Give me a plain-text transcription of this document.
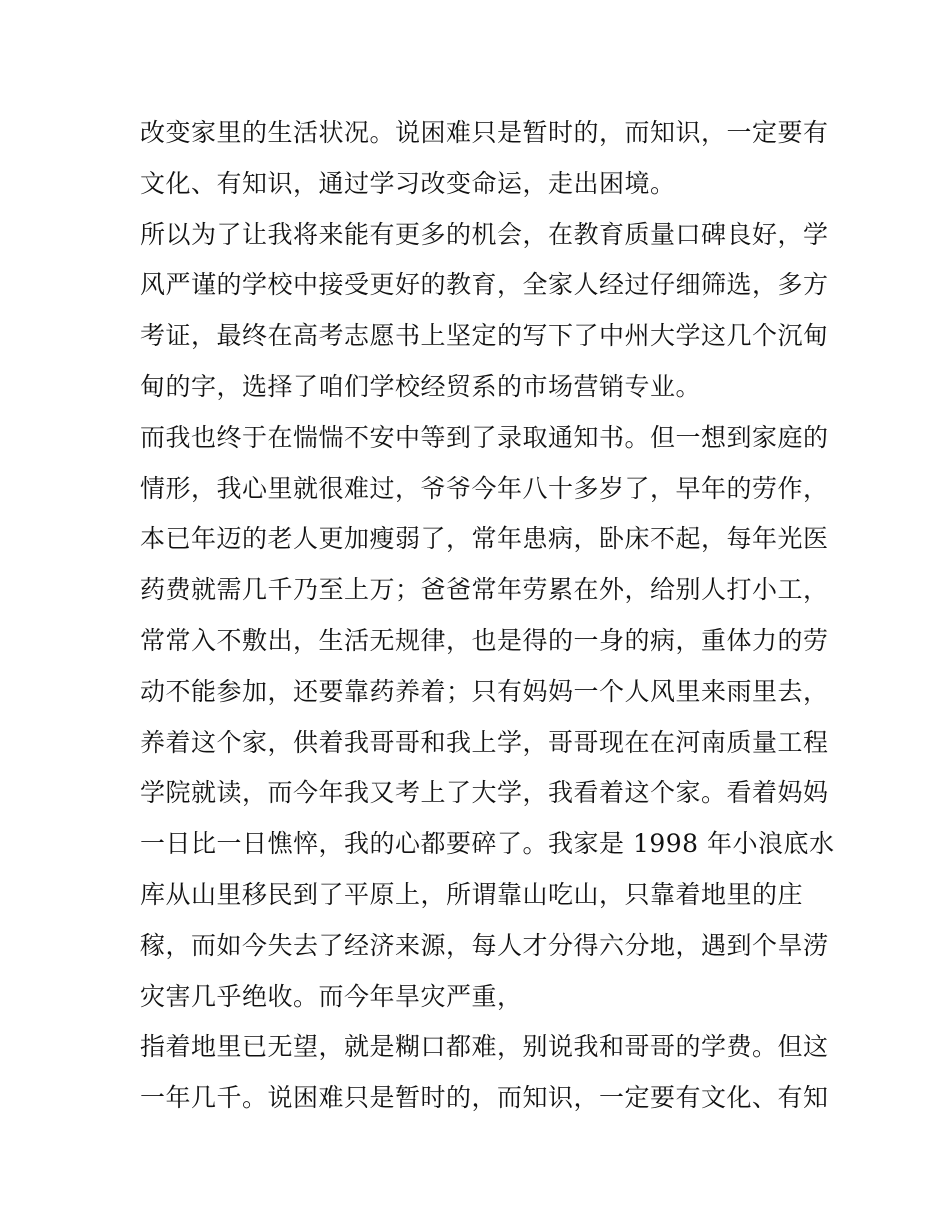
改变家里的生活状况。说困难只是暂时的，而知识，一定要有
文化、有知识，通过学习改变命运，走出困境。
所以为了让我将来能有更多的机会，在教育质量口碑良好，学
风严谨的学校中接受更好的教育，全家人经过仔细筛选，多方
考证，最终在高考志愿书上坚定的写下了中州大学这几个沉甸
甸的字，选择了咱们学校经贸系的市场营销专业。
而我也终于在惴惴不安中等到了录取通知书。但一想到家庭的
情形，我心里就很难过，爷爷今年八十多岁了，早年的劳作，
本已年迈的老人更加瘦弱了，常年患病，卧床不起，每年光医
药费就需几千乃至上万；爸爸常年劳累在外，给别人打小工，
常常入不敷出，生活无规律，也是得的一身的病，重体力的劳
动不能参加，还要靠药养着；只有妈妈一个人风里来雨里去，
养着这个家，供着我哥哥和我上学，哥哥现在在河南质量工程
学院就读，而今年我又考上了大学，我看着这个家。看着妈妈
一日比一日憔悴，我的心都要碎了。我家是 1998 年小浪底水
库从山里移民到了平原上，所谓靠山吃山，只靠着地里的庄
稼，而如今失去了经济来源，每人才分得六分地，遇到个旱涝
灾害几乎绝收。而今年旱灾严重，
指着地里已无望，就是糊口都难，别说我和哥哥的学费。但这
一年几千。说困难只是暂时的，而知识，一定要有文化、有知
